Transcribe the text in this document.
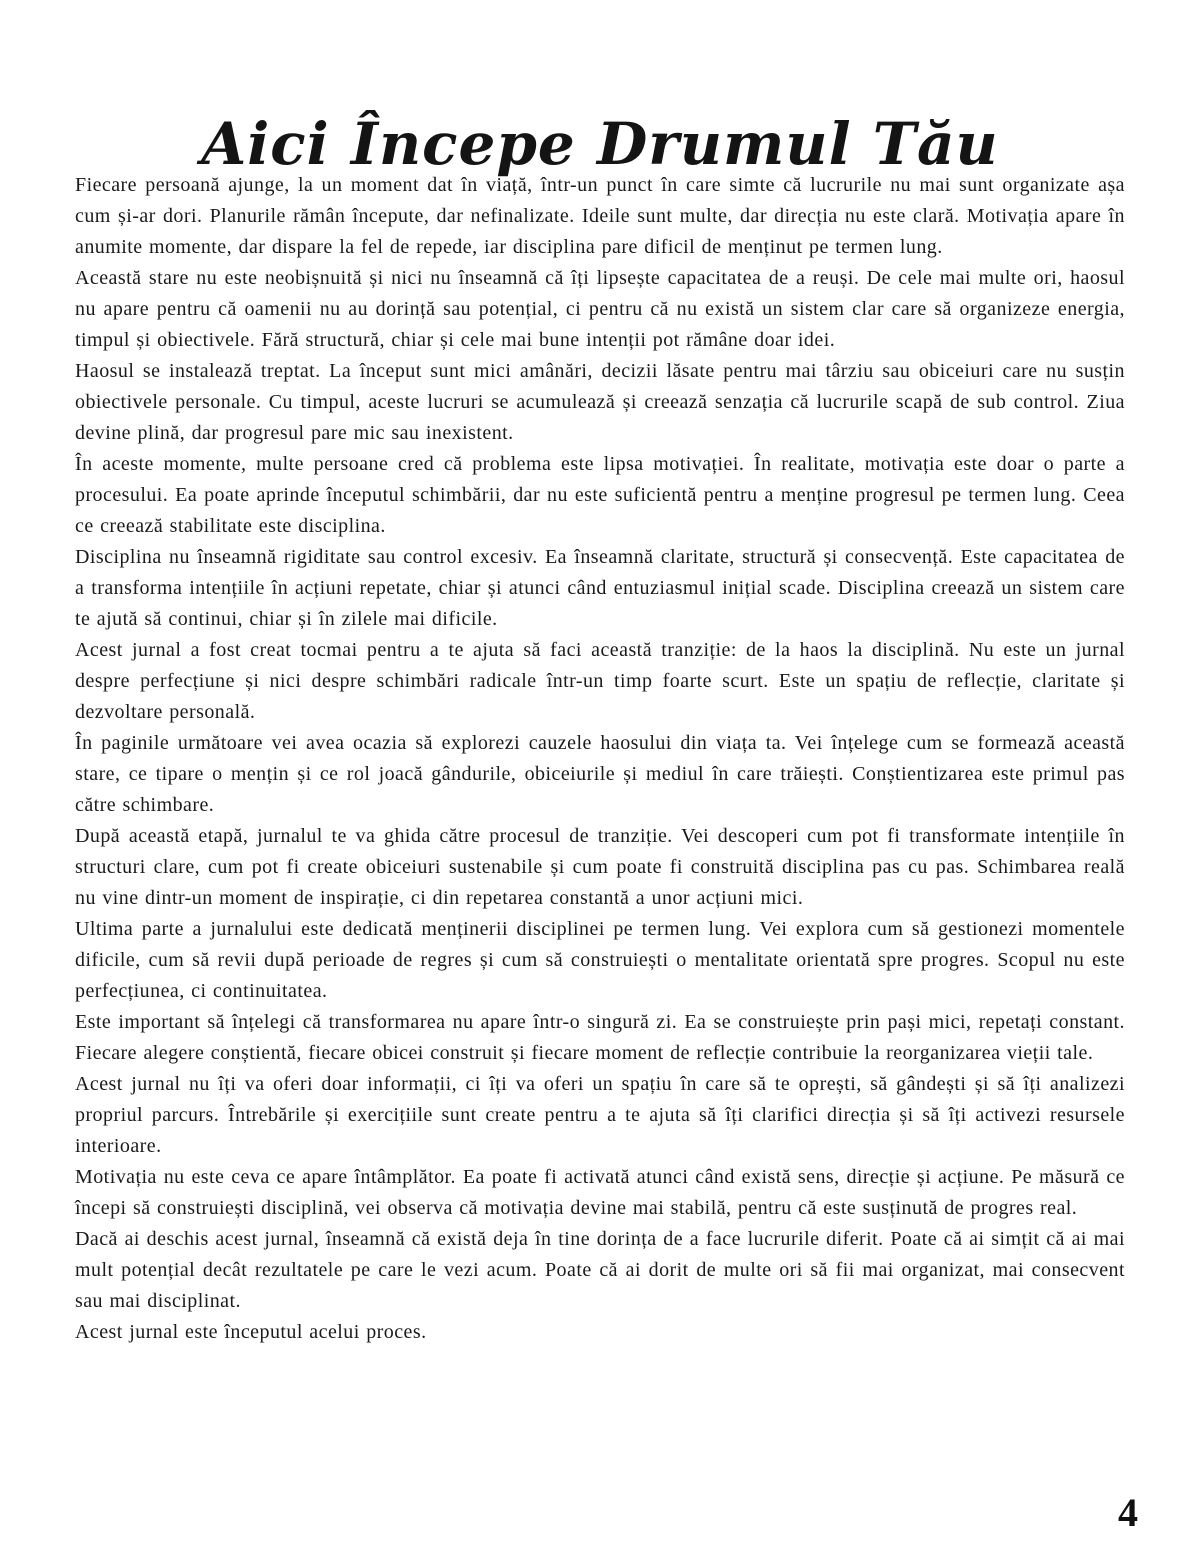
Aici Începe Drumul Tău

Fiecare persoană ajunge, la un moment dat în viață, într-un punct în care simte că lucrurile nu mai sunt organizate așa cum și-ar dori. Planurile rămân începute, dar nefinalizate. Ideile sunt multe, dar direcția nu este clară. Motivația apare în anumite momente, dar dispare la fel de repede, iar disciplina pare dificil de menținut pe termen lung.

Această stare nu este neobișnuită și nici nu înseamnă că îți lipsește capacitatea de a reuși. De cele mai multe ori, haosul nu apare pentru că oamenii nu au dorință sau potențial, ci pentru că nu există un sistem clar care să organizeze energia, timpul și obiectivele. Fără structură, chiar și cele mai bune intenții pot rămâne doar idei.

Haosul se instalează treptat. La început sunt mici amânări, decizii lăsate pentru mai târziu sau obiceiuri care nu susțin obiectivele personale. Cu timpul, aceste lucruri se acumulează și creează senzația că lucrurile scapă de sub control. Ziua devine plină, dar progresul pare mic sau inexistent.

În aceste momente, multe persoane cred că problema este lipsa motivației. În realitate, motivația este doar o parte a procesului. Ea poate aprinde începutul schimbării, dar nu este suficientă pentru a menține progresul pe termen lung. Ceea ce creează stabilitate este disciplina.

Disciplina nu înseamnă rigiditate sau control excesiv. Ea înseamnă claritate, structură și consecvență. Este capacitatea de a transforma intențiile în acțiuni repetate, chiar și atunci când entuziasmul inițial scade. Disciplina creează un sistem care te ajută să continui, chiar și în zilele mai dificile.

Acest jurnal a fost creat tocmai pentru a te ajuta să faci această tranziție: de la haos la disciplină. Nu este un jurnal despre perfecțiune și nici despre schimbări radicale într-un timp foarte scurt. Este un spațiu de reflecție, claritate și dezvoltare personală.

În paginile următoare vei avea ocazia să explorezi cauzele haosului din viața ta. Vei înțelege cum se formează această stare, ce tipare o mențin și ce rol joacă gândurile, obiceiurile și mediul în care trăiești. Conștientizarea este primul pas către schimbare.

După această etapă, jurnalul te va ghida către procesul de tranziție. Vei descoperi cum pot fi transformate intențiile în structuri clare, cum pot fi create obiceiuri sustenabile și cum poate fi construită disciplina pas cu pas. Schimbarea reală nu vine dintr-un moment de inspirație, ci din repetarea constantă a unor acțiuni mici.

Ultima parte a jurnalului este dedicată menținerii disciplinei pe termen lung. Vei explora cum să gestionezi momentele dificile, cum să revii după perioade de regres și cum să construiești o mentalitate orientată spre progres. Scopul nu este perfecțiunea, ci continuitatea.

Este important să înțelegi că transformarea nu apare într-o singură zi. Ea se construiește prin pași mici, repetați constant. Fiecare alegere conștientă, fiecare obicei construit și fiecare moment de reflecție contribuie la reorganizarea vieții tale.

Acest jurnal nu îți va oferi doar informații, ci îți va oferi un spațiu în care să te oprești, să gândești și să îți analizezi propriul parcurs. Întrebările și exercițiile sunt create pentru a te ajuta să îți clarifici direcția și să îți activezi resursele interioare.

Motivația nu este ceva ce apare întâmplător. Ea poate fi activată atunci când există sens, direcție și acțiune. Pe măsură ce începi să construiești disciplină, vei observa că motivația devine mai stabilă, pentru că este susținută de progres real.

Dacă ai deschis acest jurnal, înseamnă că există deja în tine dorința de a face lucrurile diferit. Poate că ai simțit că ai mai mult potențial decât rezultatele pe care le vezi acum. Poate că ai dorit de multe ori să fii mai organizat, mai consecvent sau mai disciplinat.

Acest jurnal este începutul acelui proces.

4
